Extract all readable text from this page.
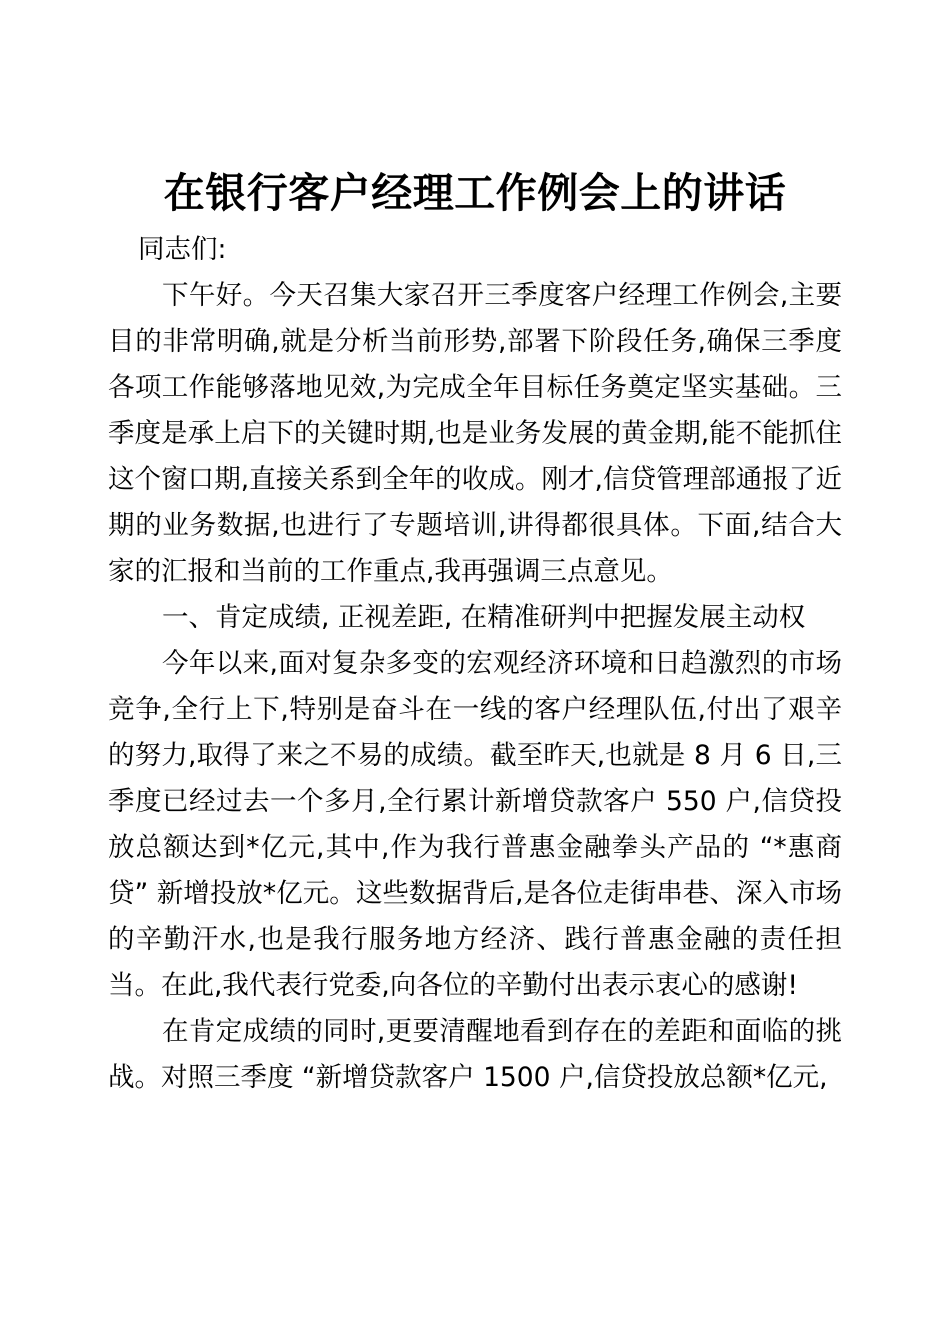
在银行客户经理工作例会上的讲话

同志们:

下午好。今天召集大家召开三季度客户经理工作例会,主要目的非常明确,就是分析当前形势,部署下阶段任务,确保三季度各项工作能够落地见效,为完成全年目标任务奠定坚实基础。三季度是承上启下的关键时期,也是业务发展的黄金期,能不能抓住这个窗口期,直接关系到全年的收成。刚才,信贷管理部通报了近期的业务数据,也进行了专题培训,讲得都很具体。下面,结合大家的汇报和当前的工作重点,我再强调三点意见。

一、肯定成绩, 正视差距, 在精准研判中把握发展主动权

今年以来,面对复杂多变的宏观经济环境和日趋激烈的市场竞争,全行上下,特别是奋斗在一线的客户经理队伍,付出了艰辛的努力,取得了来之不易的成绩。截至昨天,也就是 8 月 6 日,三季度已经过去一个多月,全行累计新增贷款客户 550 户,信贷投放总额达到*亿元,其中,作为我行普惠金融拳头产品的 “*惠商贷” 新增投放*亿元。这些数据背后,是各位走街串巷、深入市场的辛勤汗水,也是我行服务地方经济、践行普惠金融的责任担当。在此,我代表行党委,向各位的辛勤付出表示衷心的感谢!

在肯定成绩的同时,更要清醒地看到存在的差距和面临的挑战。对照三季度 “新增贷款客户 1500 户,信贷投放总额*亿元,
